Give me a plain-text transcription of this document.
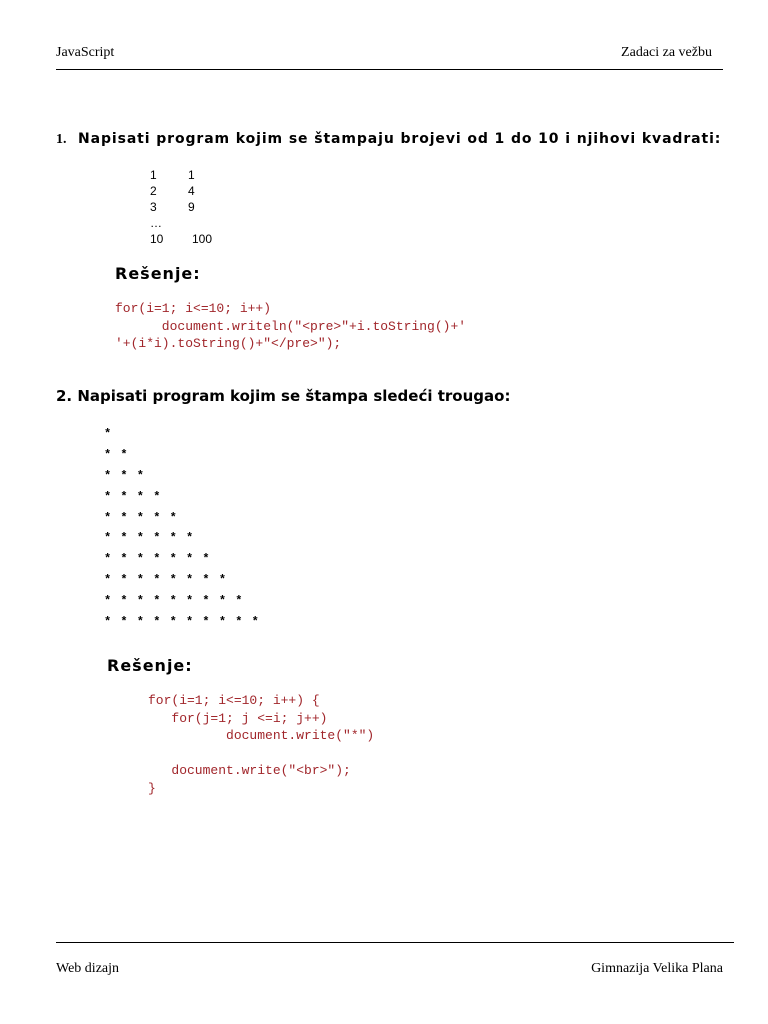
JavaScript	Zadaci za vežbu
1. Napisati program kojim se štampaju brojevi od 1 do 10 i njihovi kvadrati:
1	1
2	4
3	9
…
10 100
Rešenje:
for(i=1; i<=10; i++)
document.writeln("<pre>"+i.toString()+'
'+(i*i).toString()+"</pre>");
2. Napisati program kojim se štampa sledeći trougao:
*
* *
* * *
* * * *
* * * * *
* * * * * *
* * * * * * *
* * * * * * * *
* * * * * * * * *
* * * * * * * * * *
Rešenje:
for(i=1; i<=10; i++) {
for(j=1; j <=i; j++)
document.write("*")

document.write("<br>");
}
Web dizajn	Gimnazija Velika Plana
